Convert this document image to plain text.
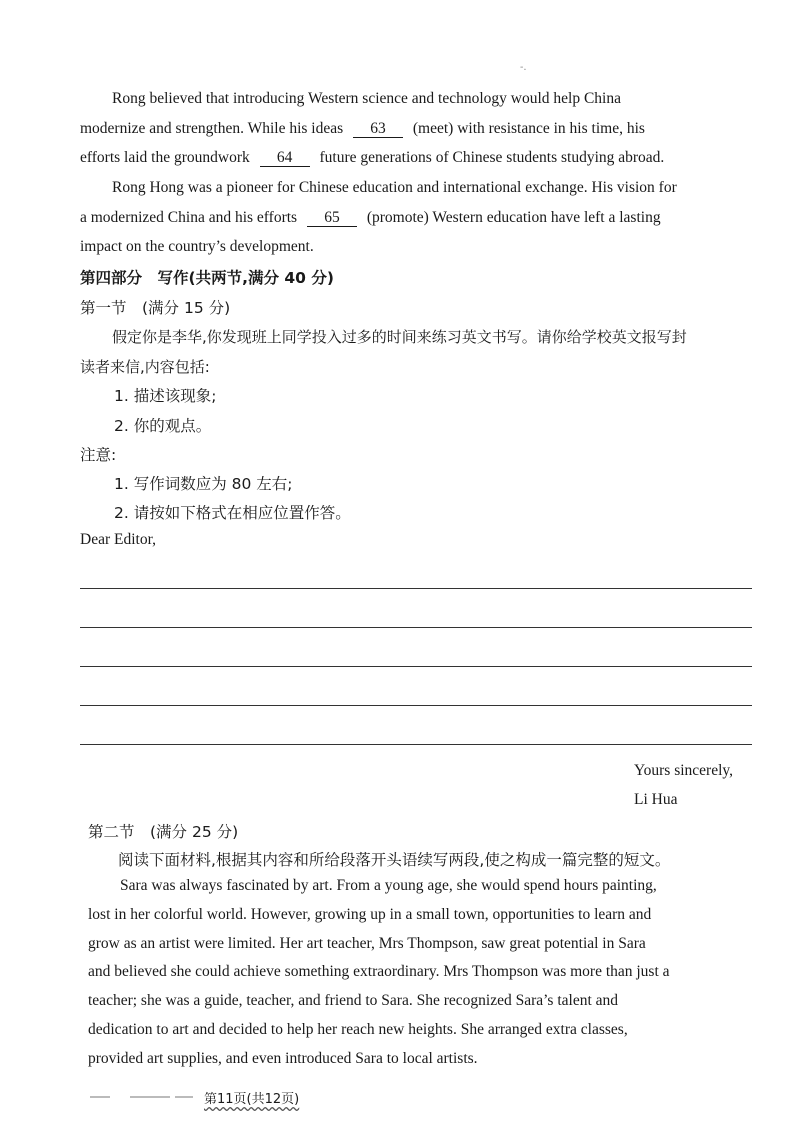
-.

Rong believed that introducing Western science and technology would help China
modernize and strengthen. While his ideas 63 (meet) with resistance in his time, his
efforts laid the groundwork 64 future generations of Chinese students studying abroad.

Rong Hong was a pioneer for Chinese education and international exchange. His vision for
a modernized China and his efforts 65 (promote) Western education have left a lasting
impact on the country’s development.

第四部分　写作(共两节,满分 40 分)

第一节　(满分 15 分)

假定你是李华,你发现班上同学投入过多的时间来练习英文书写。请你给学校英文报写封
读者来信,内容包括:

1. 描述该现象;

2. 你的观点。

注意:

1. 写作词数应为 80 左右;

2. 请按如下格式在相应位置作答。

Dear Editor,

Yours sincerely,

Li Hua

第二节　(满分 25 分)

阅读下面材料,根据其内容和所给段落开头语续写两段,使之构成一篇完整的短文。

Sara was always fascinated by art. From a young age, she would spend hours painting,
lost in her colorful world. However, growing up in a small town, opportunities to learn and
grow as an artist were limited. Her art teacher, Mrs Thompson, saw great potential in Sara
and believed she could achieve something extraordinary. Mrs Thompson was more than just a
teacher; she was a guide, teacher, and friend to Sara. She recognized Sara’s talent and
dedication to art and decided to help her reach new heights. She arranged extra classes,
provided art supplies, and even introduced Sara to local artists.

第11页(共12页)
